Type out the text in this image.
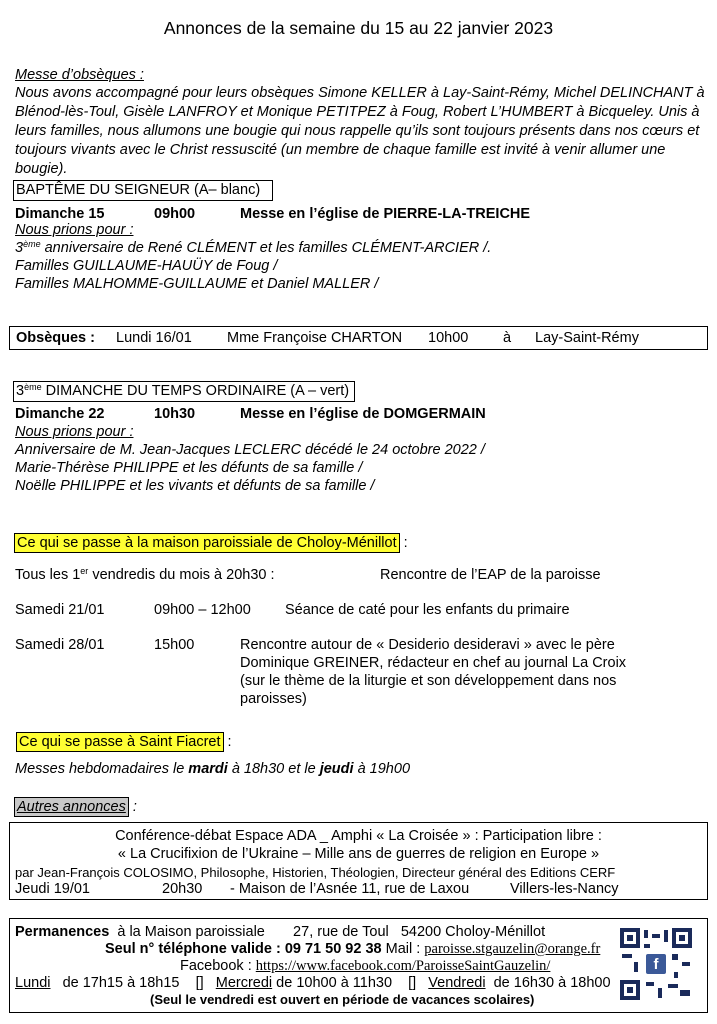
Annonces de la semaine du 15 au 22 janvier 2023
Messe d’obsèques :
Nous avons accompagné pour leurs obsèques Simone KELLER à Lay-Saint-Rémy, Michel DELINCHANT à Blénod-lès-Toul, Gisèle LANFROY et Monique PETITPEZ à Foug, Robert L’HUMBERT à Bicqueley. Unis à leurs familles, nous allumons une bougie qui nous rappelle qu’ils sont toujours présents dans nos cœurs et toujours vivants avec le Christ ressuscité (un membre de chaque famille est invité à venir allumer une bougie).
BAPTÊME DU SEIGNEUR (A– blanc)
Dimanche 15	09h00	Messe en l’église de PIERRE-LA-TREICHE
Nous prions pour :
3ème anniversaire de René CLÉMENT et les familles CLÉMENT-ARCIER /.
Familles GUILLAUME-HAUÜY de Foug /
Familles MALHOMME-GUILLAUME et Daniel MALLER /
Obsèques : Lundi 16/01 Mme Françoise CHARTON 10h00 à Lay-Saint-Rémy
3ème DIMANCHE DU TEMPS ORDINAIRE (A – vert)
Dimanche 22	10h30	Messe en l’église de DOMGERMAIN
Nous prions pour :
Anniversaire de M. Jean-Jacques LECLERC décédé le 24 octobre 2022 /
Marie-Thérèse PHILIPPE et les défunts de sa famille /
Noëlle PHILIPPE et les vivants et défunts de sa famille /
Ce qui se passe à la maison paroissiale de Choloy-Ménillot :
Tous les 1er vendredis du mois à 20h30 :	Rencontre de l’EAP de la paroisse
Samedi 21/01	09h00 – 12h00 Séance de caté pour les enfants du primaire
Samedi 28/01	15h00	Rencontre autour de « Desiderio desideravi » avec le père
Dominique GREINER, rédacteur en chef au journal La Croix
(sur le thème de la liturgie et son développement dans nos
paroisses)
Ce qui se passe à Saint Fiacret :
Messes hebdomadaires le mardi à 18h30 et le jeudi à 19h00
Autres annonces :
Conférence-débat Espace ADA _ Amphi « La Croisée » : Participation libre :
« La Crucifixion de l’Ukraine – Mille ans de guerres de religion en Europe »
par Jean-François COLOSIMO, Philosophe, Historien, Théologien, Directeur général des Editions CERF
Jeudi 19/01	20h30 - Maison de l’Asnée 11, rue de Laxou	Villers-les-Nancy
Permanences  à la Maison paroissiale       27, rue de Toul   54200 Choloy-Ménillot
Seul n° téléphone valide : 09 71 50 92 38 Mail : paroisse.stgauzelin@orange.fr
Facebook : https://www.facebook.com/ParoisseSaintGauzelin/
Lundi   de 17h15 à 18h15    []   Mercredi de 10h00 à 11h30    []   Vendredi  de 16h30 à 18h00
(Seul le vendredi est ouvert en période de vacances scolaires)
f
